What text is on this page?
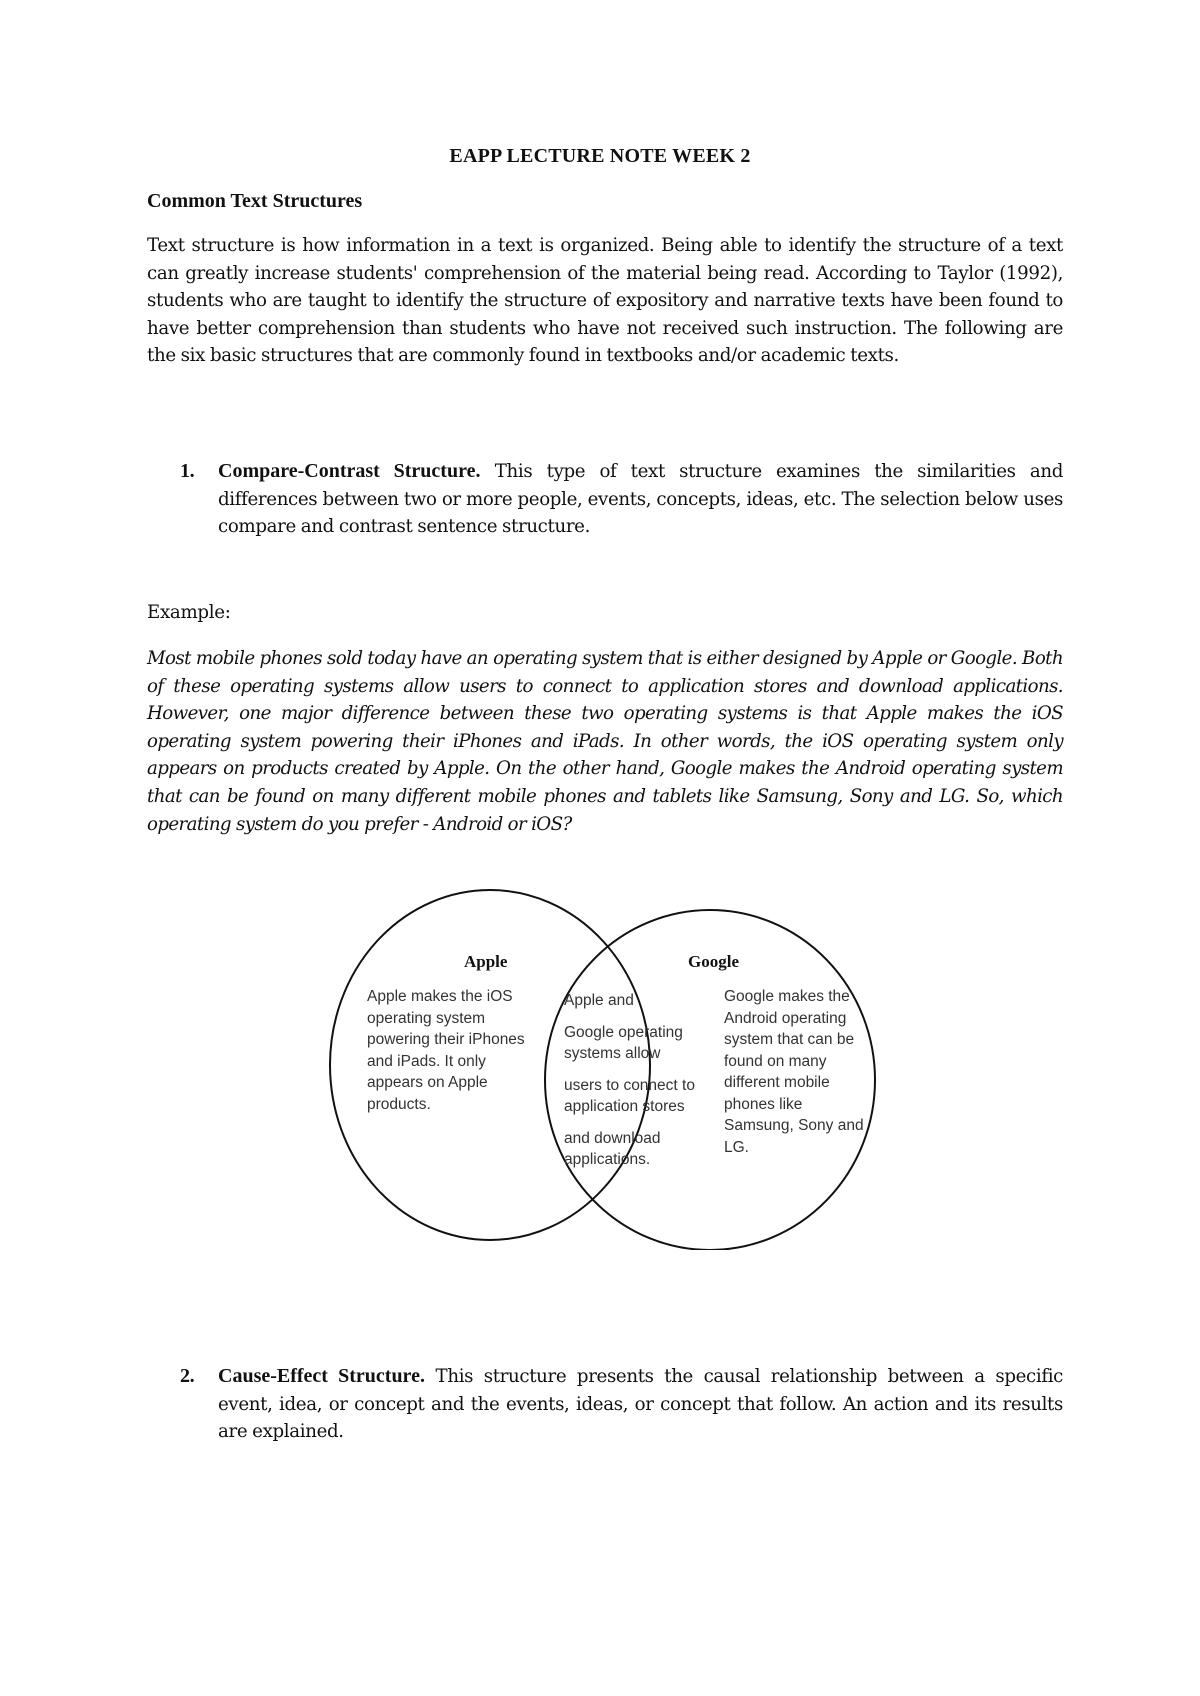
EAPP LECTURE NOTE WEEK 2
Common Text Structures
Text structure is how information in a text is organized. Being able to identify the structure of a text can greatly increase students' comprehension of the material being read. According to Taylor (1992), students who are taught to identify the structure of expository and narrative texts have been found to have better comprehension than students who have not received such instruction. The following are the six basic structures that are commonly found in textbooks and/or academic texts.
1. Compare-Contrast Structure. This type of text structure examines the similarities and differences between two or more people, events, concepts, ideas, etc. The selection below uses compare and contrast sentence structure.
Example:
Most mobile phones sold today have an operating system that is either designed by Apple or Google. Both of these operating systems allow users to connect to application stores and download applications. However, one major difference between these two operating systems is that Apple makes the iOS operating system powering their iPhones and iPads. In other words, the iOS operating system only appears on products created by Apple. On the other hand, Google makes the Android operating system that can be found on many different mobile phones and tablets like Samsung, Sony and LG. So, which operating system do you prefer - Android or iOS?
Apple	Google
Apple makes the iOS
operating system
powering their iPhones
and iPads. It only
appears on Apple
products.

Apple and

Google operating
systems allow

users to connect to
application stores

and download
applications.

Google makes the
Android operating
system that can be
found on many
different mobile
phones like
Samsung, Sony and
LG.
2. Cause-Effect Structure. This structure presents the causal relationship between a specific event, idea, or concept and the events, ideas, or concept that follow. An action and its results are explained.
